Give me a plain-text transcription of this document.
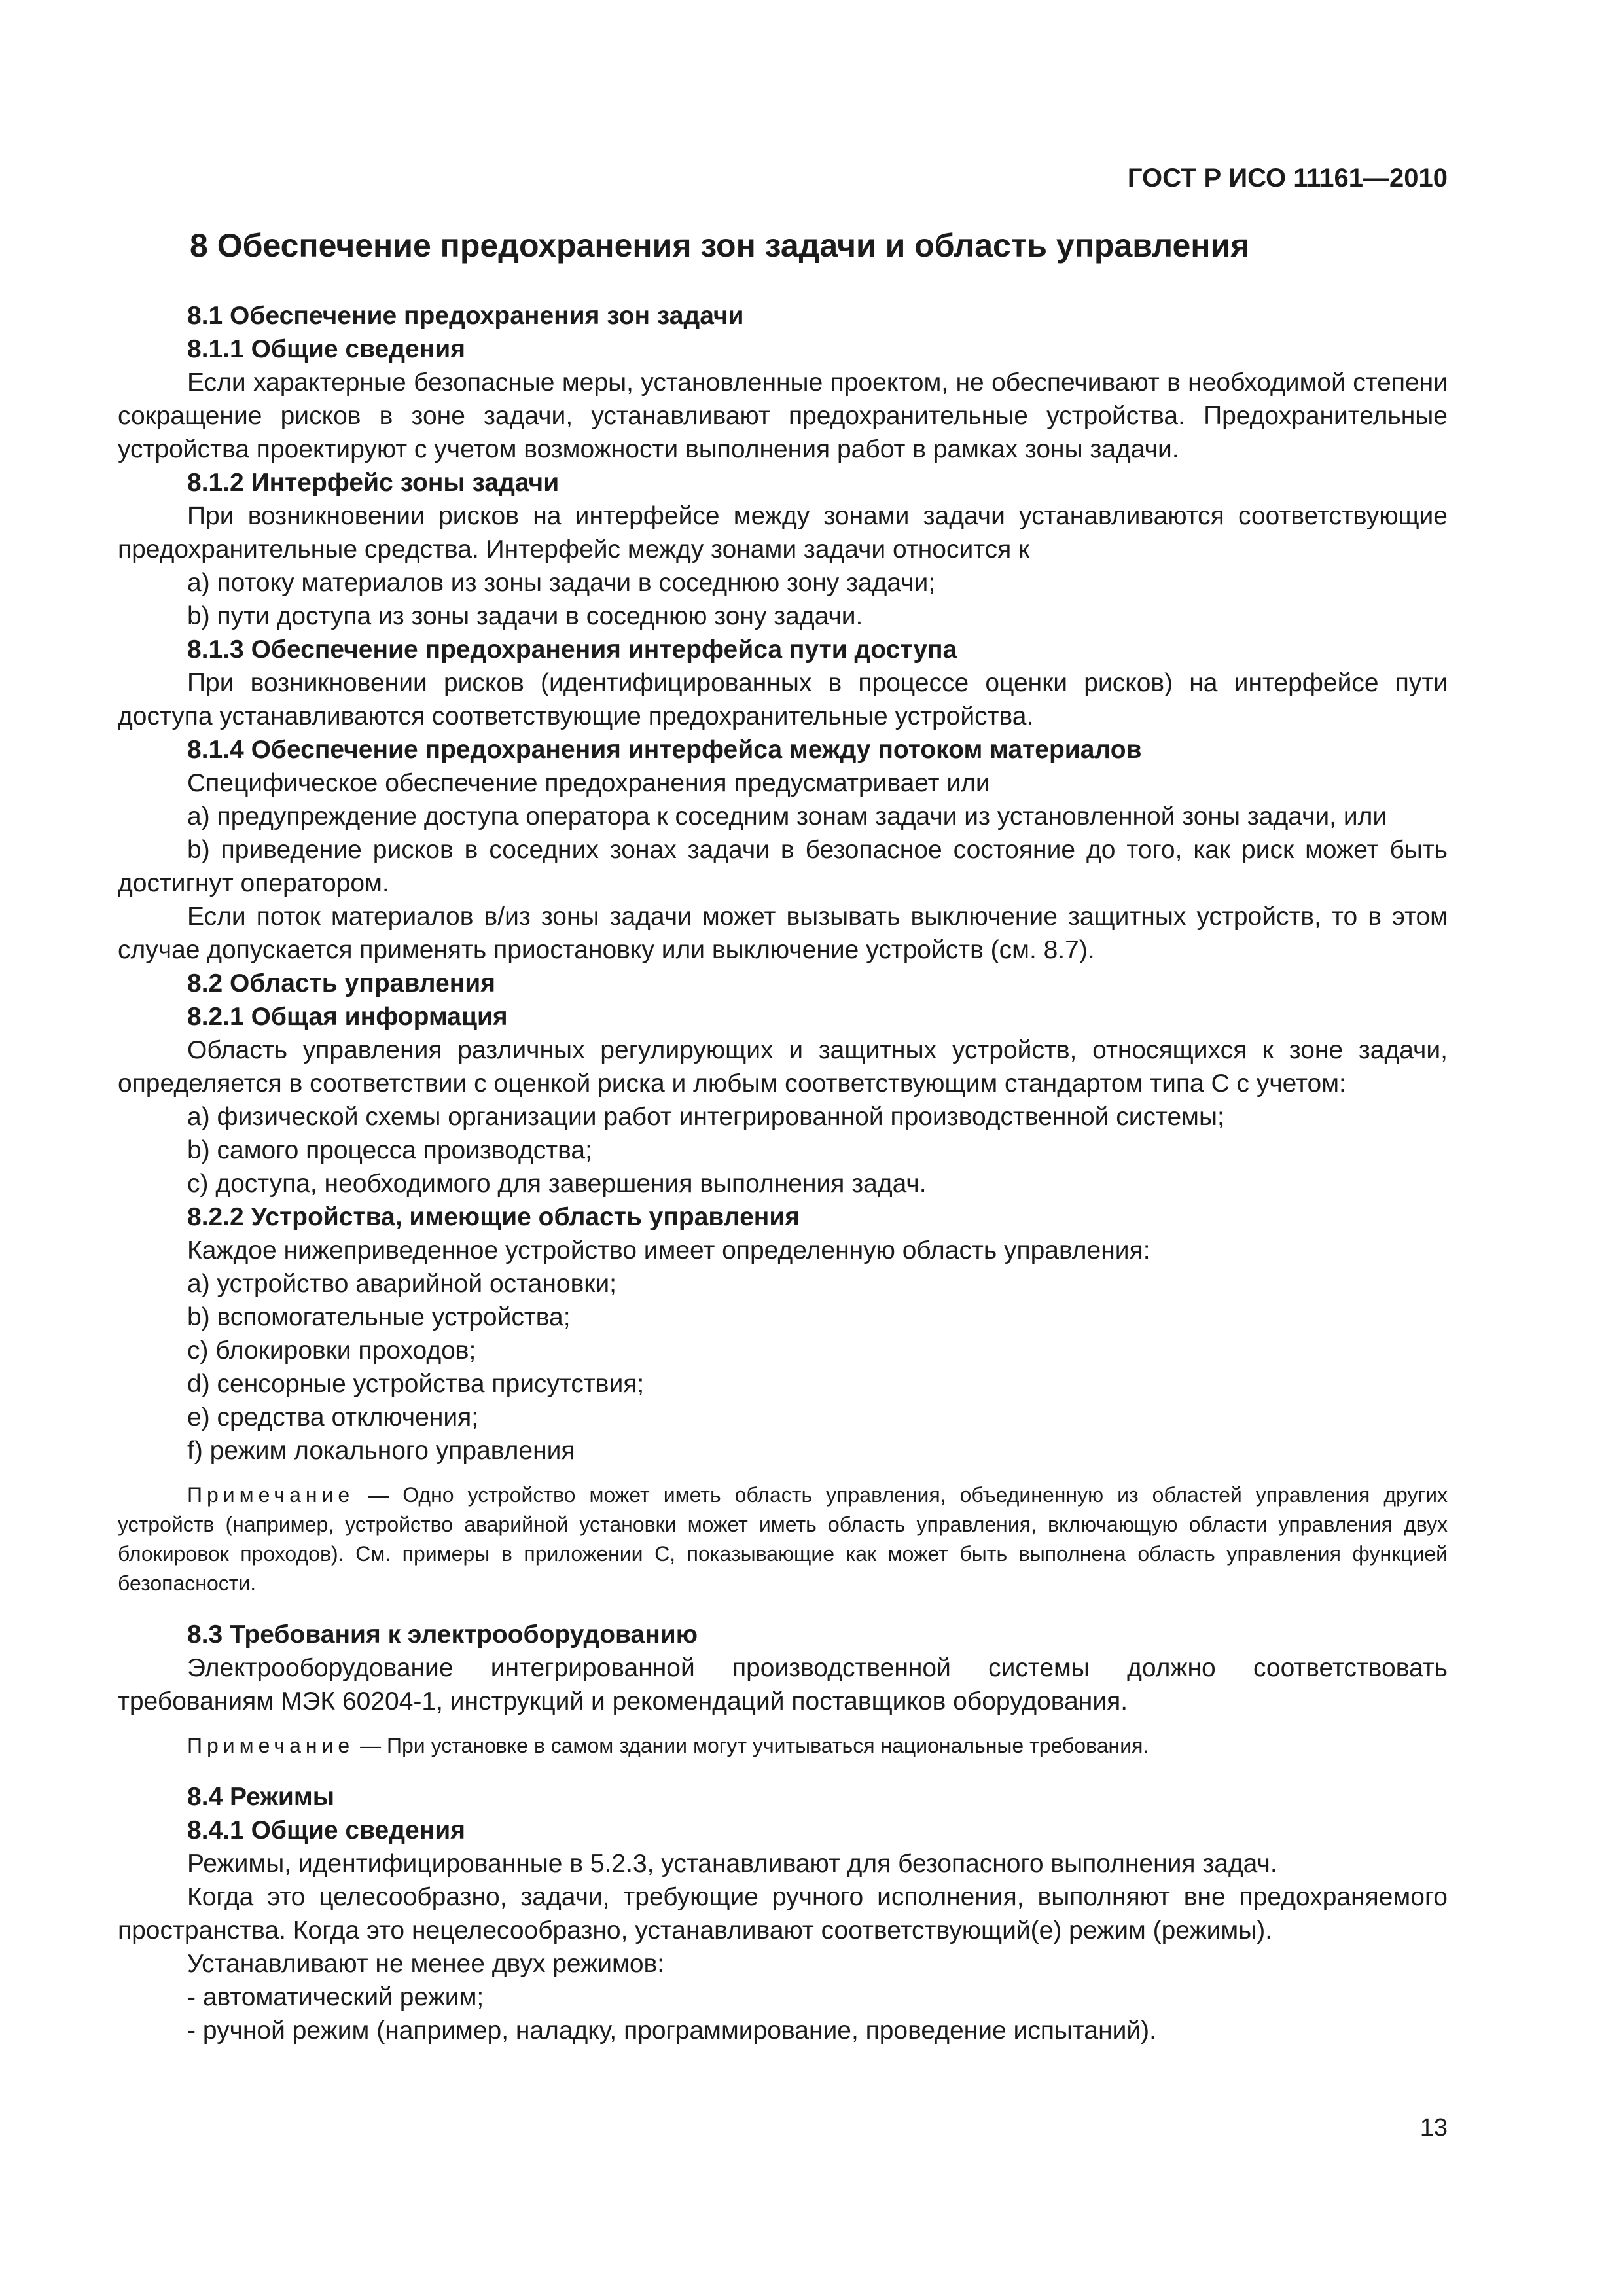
ГОСТ Р ИСО 11161—2010

8 Обеспечение предохранения зон задачи и область управления

8.1 Обеспечение предохранения зон задачи

8.1.1 Общие сведения

Если характерные безопасные меры, установленные проектом, не обеспечивают в необходимой степени сокращение рисков в зоне задачи, устанавливают предохранительные устройства. Предохранительные устройства проектируют с учетом возможности выполнения работ в рамках зоны задачи.

8.1.2 Интерфейс зоны задачи

При возникновении рисков на интерфейсе между зонами задачи устанавливаются соответствующие предохранительные средства. Интерфейс между зонами задачи относится к

a) потоку материалов из зоны задачи в соседнюю зону задачи;

b) пути доступа из зоны задачи в соседнюю зону задачи.

8.1.3 Обеспечение предохранения интерфейса пути доступа

При возникновении рисков (идентифицированных в процессе оценки рисков) на интерфейсе пути доступа устанавливаются соответствующие предохранительные устройства.

8.1.4 Обеспечение предохранения интерфейса между потоком материалов

Специфическое обеспечение предохранения предусматривает или

a) предупреждение доступа оператора к соседним зонам задачи из установленной зоны задачи, или

b) приведение рисков в соседних зонах задачи в безопасное состояние до того, как риск может быть достигнут оператором.

Если поток материалов в/из зоны задачи может вызывать выключение защитных устройств, то в этом случае допускается применять приостановку или выключение устройств (см. 8.7).

8.2 Область управления

8.2.1 Общая информация

Область управления различных регулирующих и защитных устройств, относящихся к зоне задачи, определяется в соответствии с оценкой риска и любым соответствующим стандартом типа С с учетом:

a) физической схемы организации работ интегрированной производственной системы;

b) самого процесса производства;

c) доступа, необходимого для завершения выполнения задач.

8.2.2 Устройства, имеющие область управления

Каждое нижеприведенное устройство имеет определенную область управления:

a) устройство аварийной остановки;

b) вспомогательные устройства;

c) блокировки проходов;

d) сенсорные устройства присутствия;

e) средства отключения;

f) режим локального управления

Примечание — Одно устройство может иметь область управления, объединенную из областей управления других устройств (например, устройство аварийной установки может иметь область управления, включающую области управления двух блокировок проходов). См. примеры в приложении С, показывающие как может быть выполнена область управления функцией безопасности.

8.3 Требования к электрооборудованию

Электрооборудование интегрированной производственной системы должно соответствовать требованиям МЭК 60204-1, инструкций и рекомендаций поставщиков оборудования.

Примечание — При установке в самом здании могут учитываться национальные требования.

8.4 Режимы

8.4.1 Общие сведения

Режимы, идентифицированные в 5.2.3, устанавливают для безопасного выполнения задач.

Когда это целесообразно, задачи, требующие ручного исполнения, выполняют вне предохраняемого пространства. Когда это нецелесообразно, устанавливают соответствующий(е) режим (режимы).

Устанавливают не менее двух режимов:

- автоматический режим;

- ручной режим (например, наладку, программирование, проведение испытаний).

13
